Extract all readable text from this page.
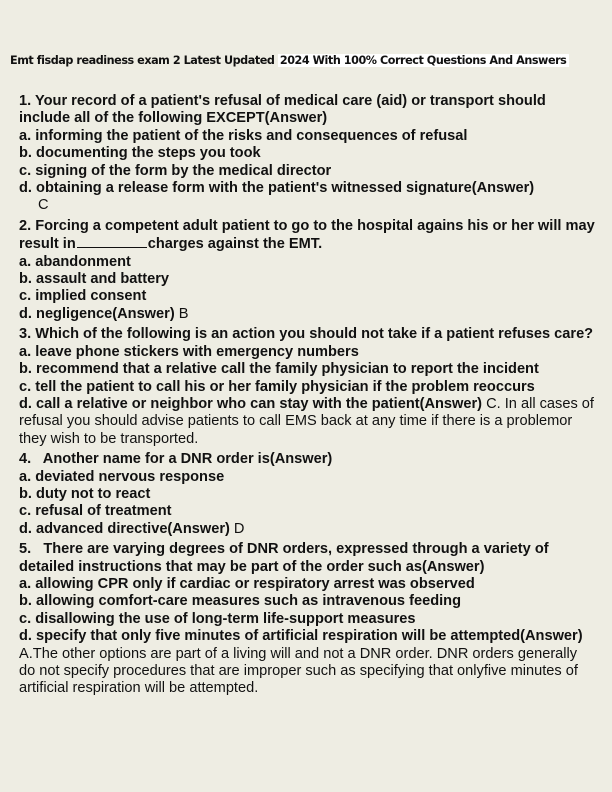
Emt fisdap readiness exam 2 Latest Updated 2024 With 100% Correct Questions And Answers

1. Your record of a patient's refusal of medical care (aid) or transport should include all of the following EXCEPT(Answer)

a. informing the patient of the risks and consequences of refusal

b. documenting the steps you took

c. signing of the form by the medical director

d. obtaining a release form with the patient's witnessed signature(Answer)

C

2. Forcing a competent adult patient to go to the hospital agains his or her will may result in	charges against the EMT.

a. abandonment

b. assault and battery

c. implied consent

d. negligence(Answer) B

3. Which of the following is an action you should not take if a patient refuses care?

a. leave phone stickers with emergency numbers

b. recommend that a relative call the family physician to report the incident

c. tell the patient to call his or her family physician if the problem reoccurs

d. call a relative or neighbor who can stay with the patient(Answer) C. In all cases of refusal you should advise patients to call EMS back at any time if there is a problemor they wish to be transported.

4.   Another name for a DNR order is(Answer)

a. deviated nervous response

b. duty not to react

c. refusal of treatment

d. advanced directive(Answer) D

5.   There are varying degrees of DNR orders, expressed through a variety of detailed instructions that may be part of the order such as(Answer)

a. allowing CPR only if cardiac or respiratory arrest was observed

b. allowing comfort-care measures such as intravenous feeding

c. disallowing the use of long-term life-support measures

d. specify that only five minutes of artificial respiration will be attempted(Answer) A.The other options are part of a living will and not a DNR order. DNR orders generally do not specify procedures that are improper such as specifying that onlyfive minutes of artificial respiration will be attempted.
